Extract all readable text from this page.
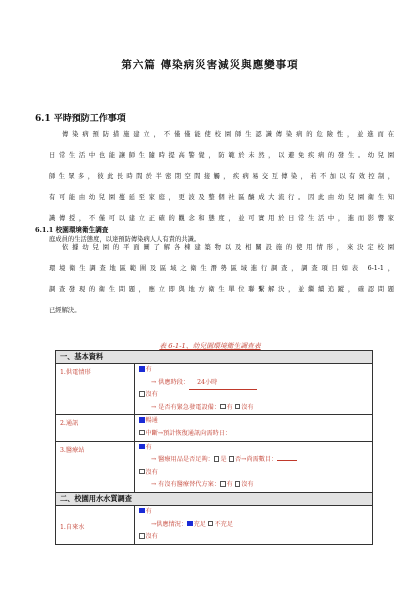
第六篇 傳染病災害減災與應變事項
6.1 平時預防工作事項

傳染病預防措施建立，不僅僅能使校園師生認識傳染病的危險性，並進而在

日常生活中也能讓師生隨時提高警覺，防範於未然，以避免疾病的發生。幼兒園

師生眾多，彼此長時間於半密閉空間接觸，疾病易交互傳染，若不加以有效控制，

有可能由幼兒園蔓延至家庭，更波及整個社區釀成大流行。因此由幼兒園衛生知

識傳授，不僅可以建立正確的觀念和態度，並可實用於日常生活中，進而影響家

庭成員的生活態度，以達預防傳染病人人有責的共識。

6.1.1 校園環境衛生調查

依據幼兒園的平面圖了解各棟建築物以及相關設施的使用情形，來決定校園

環境衛生調查地區範圍及區域之衛生潛勢區域進行調查，調查項目如表 6-1-1，

調查發現的衛生問題，應立即與地方衛生單位聯繫解決，並繼續追蹤，確認問題

已經解決。

表 6-1-1、幼兒園環境衛生調查表
一、基本資料	
1.供電情形	有
→ 供應時段： 24小時
沒有
→ 是否有緊急發電設備： 有 沒有

2.通訊	暢通
中斷→預計恢復通訊向需時日：

3.醫療站	有
→ 醫療用品是否足夠： 是 否→尚需數目：
沒有
→ 有沒有醫療替代方案： 有 沒有

二、校園用水水質調查	
1.自來水	有
→供應情況： 充足 不充足
沒有
